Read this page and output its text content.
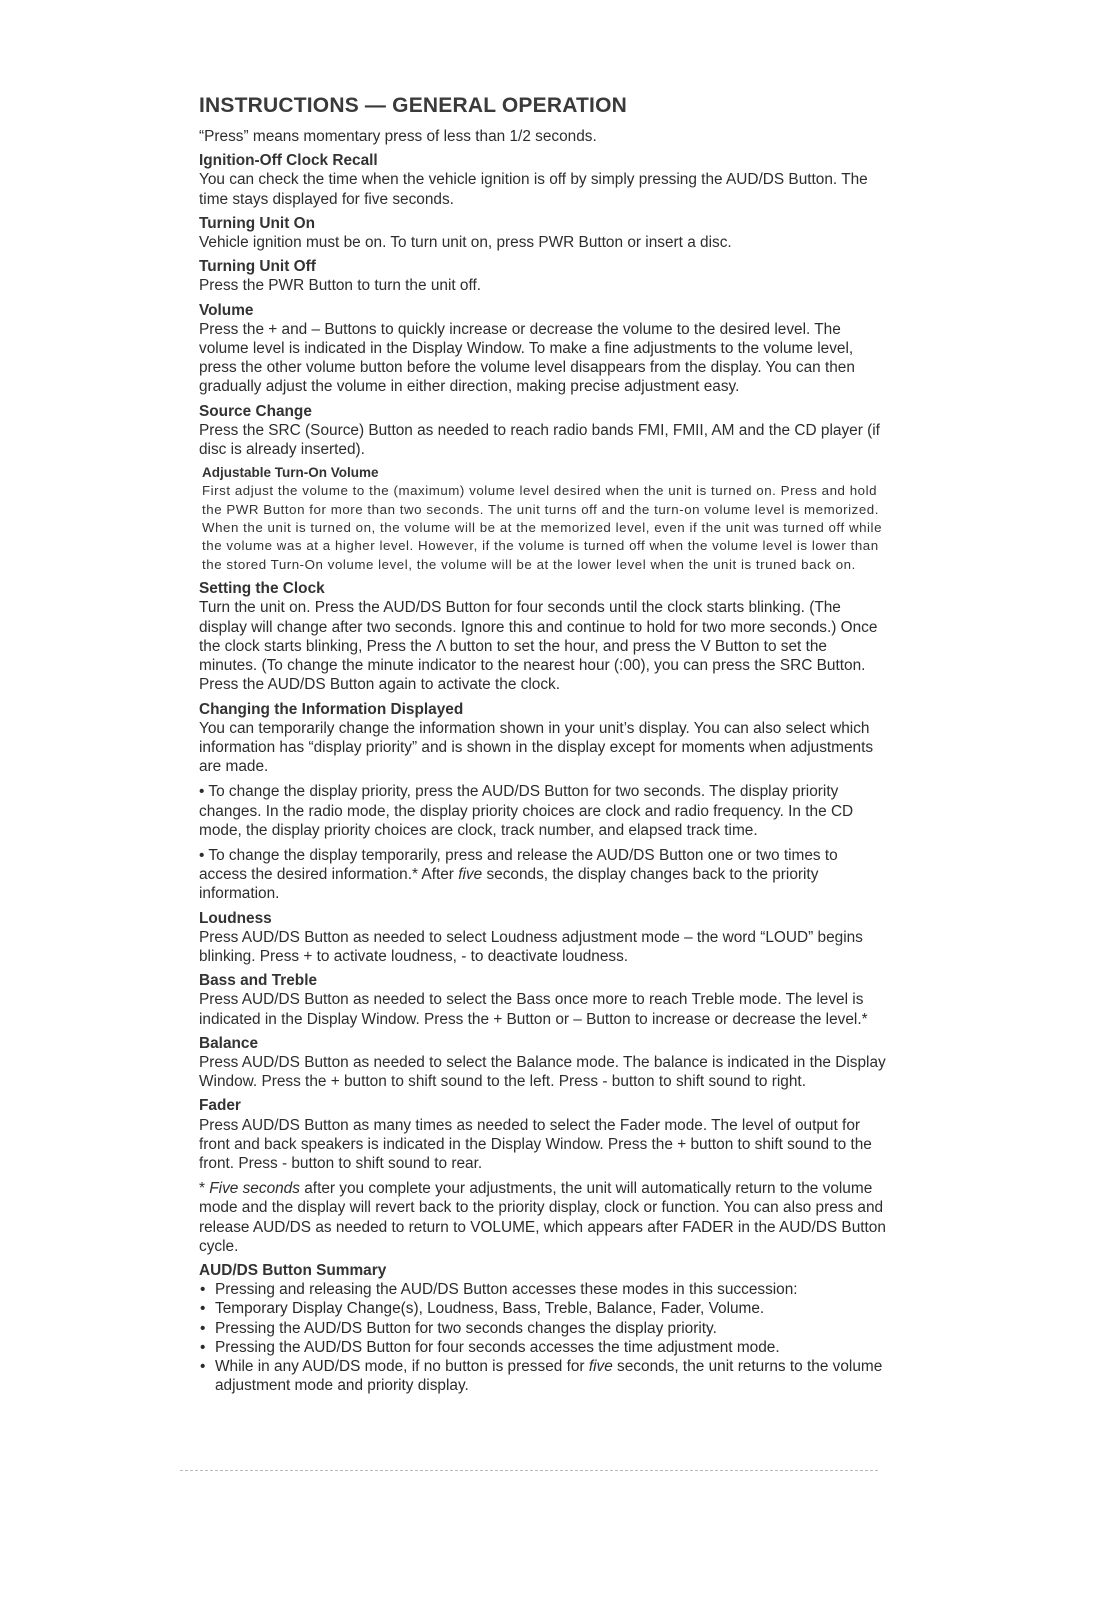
INSTRUCTIONS — GENERAL OPERATION

“Press” means momentary press of less than 1/2 seconds.

Ignition-Off Clock Recall

You can check the time when the vehicle ignition is off by simply pressing the AUD/DS Button. The time stays displayed for five seconds.

Turning Unit On

Vehicle ignition must be on. To turn unit on, press PWR Button or insert a disc.

Turning Unit Off

Press the PWR Button to turn the unit off.

Volume

Press the + and – Buttons to quickly increase or decrease the volume to the desired level. The volume level is indicated in the Display Window. To make a fine adjustments to the volume level, press the other volume button before the volume level disappears from the display. You can then gradually adjust the volume in either direction, making precise adjustment easy.

Source Change

Press the SRC (Source) Button as needed to reach radio bands FMI, FMII, AM and the CD player (if disc is already inserted).

Adjustable Turn-On Volume

First adjust the volume to the (maximum) volume level desired when the unit is turned on. Press and hold the PWR Button for more than two seconds. The unit turns off and the turn-on volume level is memorized. When the unit is turned on, the volume will be at the memorized level, even if the unit was turned off while the volume was at a higher level. However, if the volume is turned off when the volume level is lower than the stored Turn-On volume level, the volume will be at the lower level when the unit is truned back on.

Setting the Clock

Turn the unit on. Press the AUD/DS Button for four seconds until the clock starts blinking. (The display will change after two seconds. Ignore this and continue to hold for two more seconds.) Once the clock starts blinking, Press the Λ button to set the hour, and press the V Button to set the minutes. (To change the minute indicator to the nearest hour (:00), you can press the SRC Button. Press the AUD/DS Button again to activate the clock.

Changing the Information Displayed

You can temporarily change the information shown in your unit’s display. You can also select which information has “display priority” and is shown in the display except for moments when adjustments are made.

• To change the display priority, press the AUD/DS Button for two seconds. The display priority changes. In the radio mode, the display priority choices are clock and radio frequency. In the CD mode, the display priority choices are clock, track number, and elapsed track time.

• To change the display temporarily, press and release the AUD/DS Button one or two times to access the desired information.* After five seconds, the display changes back to the priority information.

Loudness

Press AUD/DS Button as needed to select Loudness adjustment mode – the word “LOUD” begins blinking. Press + to activate loudness, - to deactivate loudness.

Bass and Treble

Press AUD/DS Button as needed to select the Bass once more to reach Treble mode. The level is indicated in the Display Window. Press the + Button or – Button to increase or decrease the level.*

Balance

Press AUD/DS Button as needed to select the Balance mode. The balance is indicated in the Display Window. Press the + button to shift sound to the left. Press - button to shift sound to right.

Fader

Press AUD/DS Button as many times as needed to select the Fader mode. The level of output for front and back speakers is indicated in the Display Window. Press the + button to shift sound to the front. Press - button to shift sound to rear.

* Five seconds after you complete your adjustments, the unit will automatically return to the volume mode and the display will revert back to the priority display, clock or function. You can also press and release AUD/DS as needed to return to VOLUME, which appears after FADER in the AUD/DS Button cycle.

AUD/DS Button Summary
• Pressing and releasing the AUD/DS Button accesses these modes in this succession:
• Temporary Display Change(s), Loudness, Bass, Treble, Balance, Fader, Volume.
• Pressing the AUD/DS Button for two seconds changes the display priority.
• Pressing the AUD/DS Button for four seconds accesses the time adjustment mode.
• While in any AUD/DS mode, if no button is pressed for five seconds, the unit returns to the volume adjustment mode and priority display.
